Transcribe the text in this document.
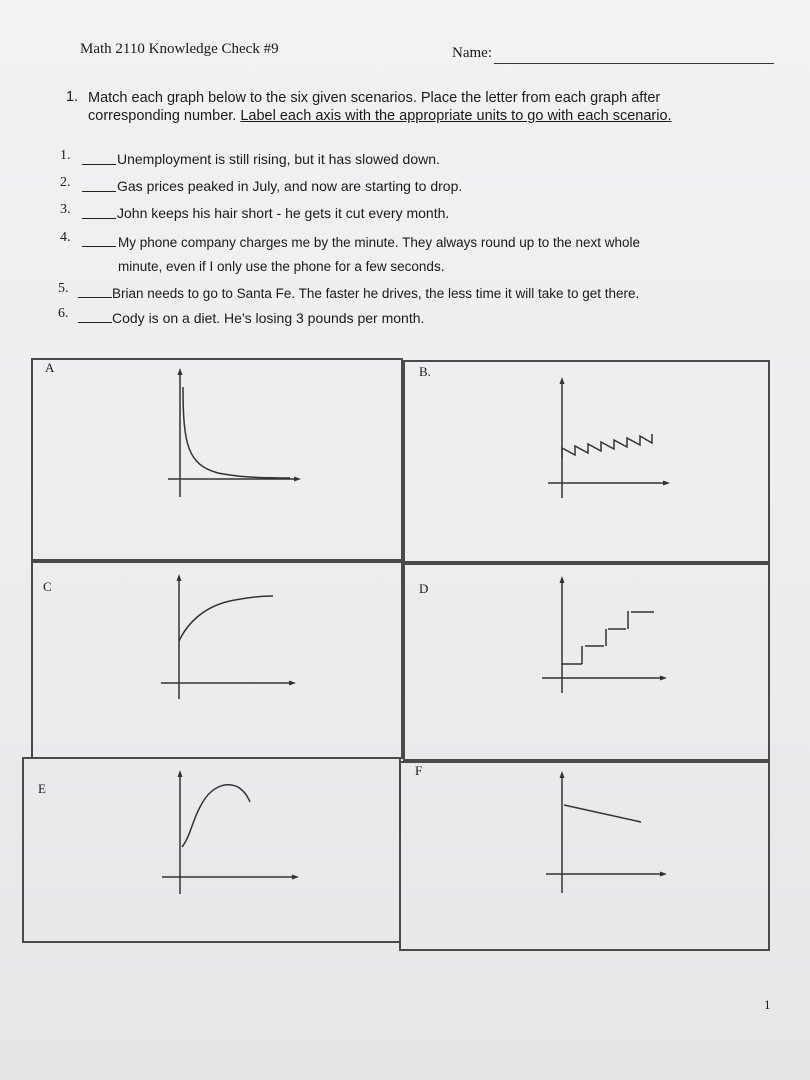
Math 2110 Knowledge Check #9	Name:
1. Match each graph below to the six given scenarios. Place the letter from each graph after
corresponding number. Label each axis with the appropriate units to go with each scenario.
1.	Unemployment is still rising, but it has slowed down.
2.	Gas prices peaked in July, and now are starting to drop.
3.	John keeps his hair short - he gets it cut every month.
4.	My phone company charges me by the minute. They always round up to the next whole
minute, even if I only use the phone for a few seconds.
5.	Brian needs to go to Santa Fe. The faster he drives, the less time it will take to get there.
6.	Cody is on a diet. He's losing 3 pounds per month.
A	B.
C	D
E
F
1
